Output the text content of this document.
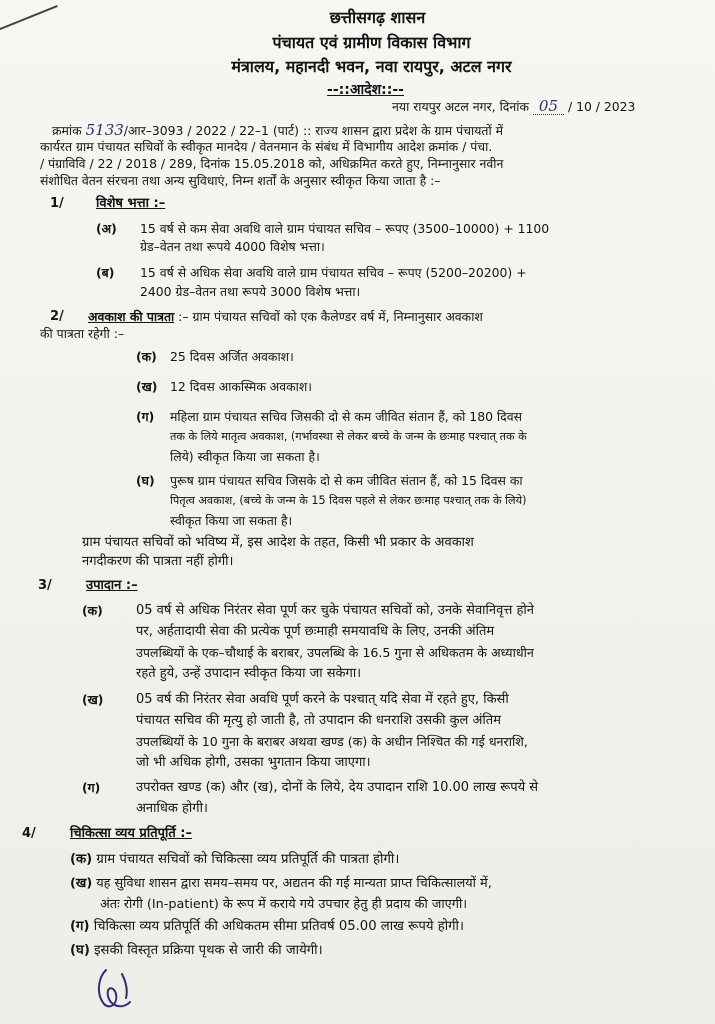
छत्तीसगढ़ शासन
पंचायत एवं ग्रामीण विकास विभाग
मंत्रालय, महानदी भवन, नवा रायपुर, अटल नगर
--::आदेश::--
नया रायपुर अटल नगर, दिनांक 05 / 10 / 2023
क्रमांक 5133/आर–3093 / 2022 / 22–1 (पार्ट) :: राज्य शासन द्वारा प्रदेश के ग्राम पंचायतों में
कार्यरत ग्राम पंचायत सचिवों के स्वीकृत मानदेय / वेतनमान के संबंध में विभागीय आदेश क्रमांक / पंचा.
/ पंग्राविवि / 22 / 2018 / 289, दिनांक 15.05.2018 को, अधिक्रमित करते हुए, निम्नानुसार नवीन
संशोधित वेतन संरचना तथा अन्य सुविधाएं, निम्न शर्तों के अनुसार स्वीकृत किया जाता है :–
1/ विशेष भत्ता :–
(अ) 15 वर्ष से कम सेवा अवधि वाले ग्राम पंचायत सचिव – रूपए (3500–10000) + 1100
ग्रेड–वेतन तथा रूपये 4000 विशेष भत्ता।
(ब) 15 वर्ष से अधिक सेवा अवधि वाले ग्राम पंचायत सचिव – रूपए (5200–20200) +
2400 ग्रेड–वेतन तथा रूपये 3000 विशेष भत्ता।
2/ अवकाश की पात्रता :– ग्राम पंचायत सचिवों को एक कैलेण्डर वर्ष में, निम्नानुसार अवकाश
की पात्रता रहेगी :–
(क) 25 दिवस अर्जित अवकाश।
(ख) 12 दिवस आकस्मिक अवकाश।
(ग) महिला ग्राम पंचायत सचिव जिसकी दो से कम जीवित संतान हैं, को 180 दिवस
तक के लिये मातृत्व अवकाश, (गर्भावस्था से लेकर बच्चे के जन्म के छःमाह पश्चात् तक के
लिये) स्वीकृत किया जा सकता है।
(घ) पुरूष ग्राम पंचायत सचिव जिसके दो से कम जीवित संतान हैं, को 15 दिवस का
पितृत्व अवकाश, (बच्चे के जन्म के 15 दिवस पहले से लेकर छःमाह पश्चात् तक के लिये)
स्वीकृत किया जा सकता है।
ग्राम पंचायत सचिवों को भविष्य में, इस आदेश के तहत, किसी भी प्रकार के अवकाश
नगदीकरण की पात्रता नहीं होगी।
3/	उपादान :–
(क)	05 वर्ष से अधिक निरंतर सेवा पूर्ण कर चुके पंचायत सचिवों को, उनके सेवानिवृत्त होने
पर, अर्हतादायी सेवा की प्रत्येक पूर्ण छःमाही समयावधि के लिए, उनकी अंतिम
उपलब्धियों के एक–चौथाई के बराबर, उपलब्धि के 16.5 गुना से अधिकतम के अध्याधीन
रहते हुये, उन्हें उपादान स्वीकृत किया जा सकेगा।
(ख)	05 वर्ष की निरंतर सेवा अवधि पूर्ण करने के पश्चात् यदि सेवा में रहते हुए, किसी
पंचायत सचिव की मृत्यु हो जाती है, तो उपादान की धनराशि उसकी कुल अंतिम
उपलब्धियों के 10 गुना के बराबर अथवा खण्ड (क) के अधीन निश्चित की गई धनराशि,
जो भी अधिक होगी, उसका भुगतान किया जाएगा।
(ग)	उपरोक्त खण्ड (क) और (ख), दोनों के लिये, देय उपादान राशि 10.00 लाख रूपये से
अनाधिक होगी।
4/	चिकित्सा व्यय प्रतिपूर्ति :–
(क) ग्राम पंचायत सचिवों को चिकित्सा व्यय प्रतिपूर्ति की पात्रता होगी।
(ख) यह सुविधा शासन द्वारा समय–समय पर, अद्यतन की गई मान्यता प्राप्त चिकित्सालयों में,
अंतः रोगी (In-patient) के रूप में कराये गये उपचार हेतु ही प्रदाय की जाएगी।
(ग) चिकित्सा व्यय प्रतिपूर्ति की अधिकतम सीमा प्रतिवर्ष 05.00 लाख रूपये होगी।
(घ) इसकी विस्तृत प्रक्रिया पृथक से जारी की जायेगी।
